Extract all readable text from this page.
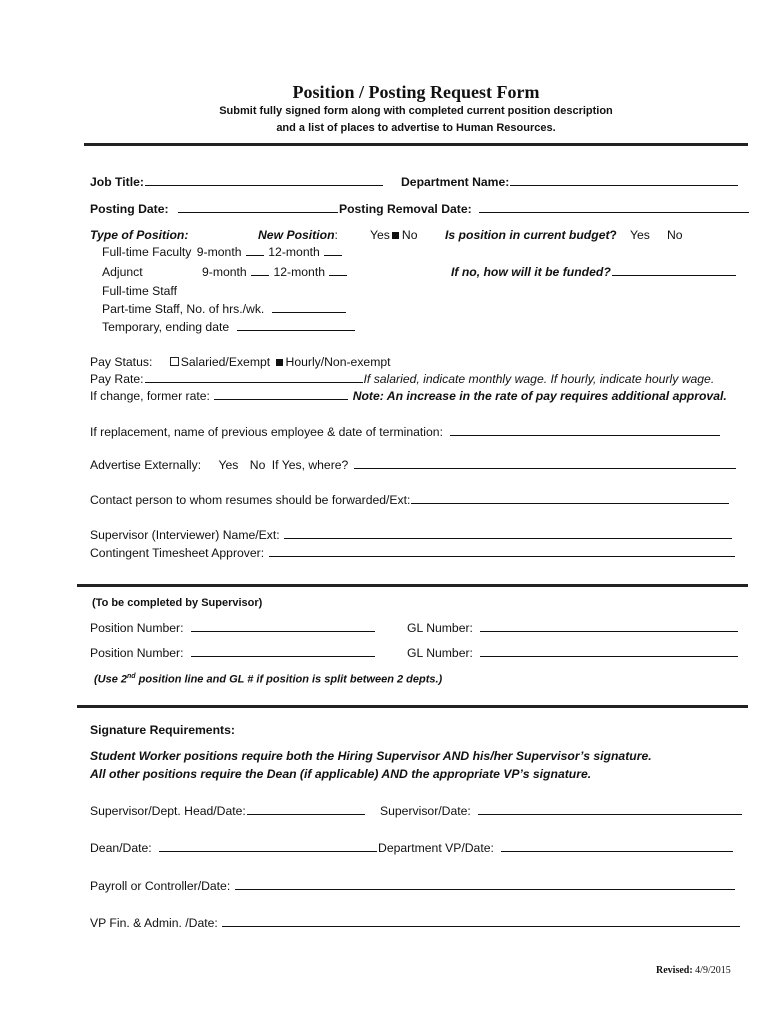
Position / Posting Request Form
Submit fully signed form along with completed current position description
and a list of places to advertise to Human Resources.
Job Title:	Department Name:
Posting Date:	Posting Removal Date:
Type of Position:	New Position:	Yes No Is position in current budget? Yes No
Full-time Faculty 9-month 12-month
Adjunct	9-month 12-month	If no, how will it be funded?
Full-time Staff
Part-time Staff, No. of hrs./wk.
Temporary, ending date
Pay Status: Salaried/Exempt Hourly/Non-exempt
Pay Rate:	If salaried, indicate monthly wage. If hourly, indicate hourly wage.
If change, former rate:	Note: An increase in the rate of pay requires additional approval.
If replacement, name of previous employee & date of termination:
Advertise Externally: Yes No If Yes, where?
Contact person to whom resumes should be forwarded/Ext:
Supervisor (Interviewer) Name/Ext:
Contingent Timesheet Approver:
(To be completed by Supervisor)
Position Number:	GL Number:
Position Number:	GL Number:
(Use 2nd position line and GL # if position is split between 2 depts.)
Signature Requirements:
Student Worker positions require both the Hiring Supervisor AND his/her Supervisor’s signature.
All other positions require the Dean (if applicable) AND the appropriate VP’s signature.
Supervisor/Dept. Head/Date:	Supervisor/Date:
Dean/Date:	Department VP/Date:
Payroll or Controller/Date:
VP Fin. & Admin. /Date:
Revised: 4/9/2015
